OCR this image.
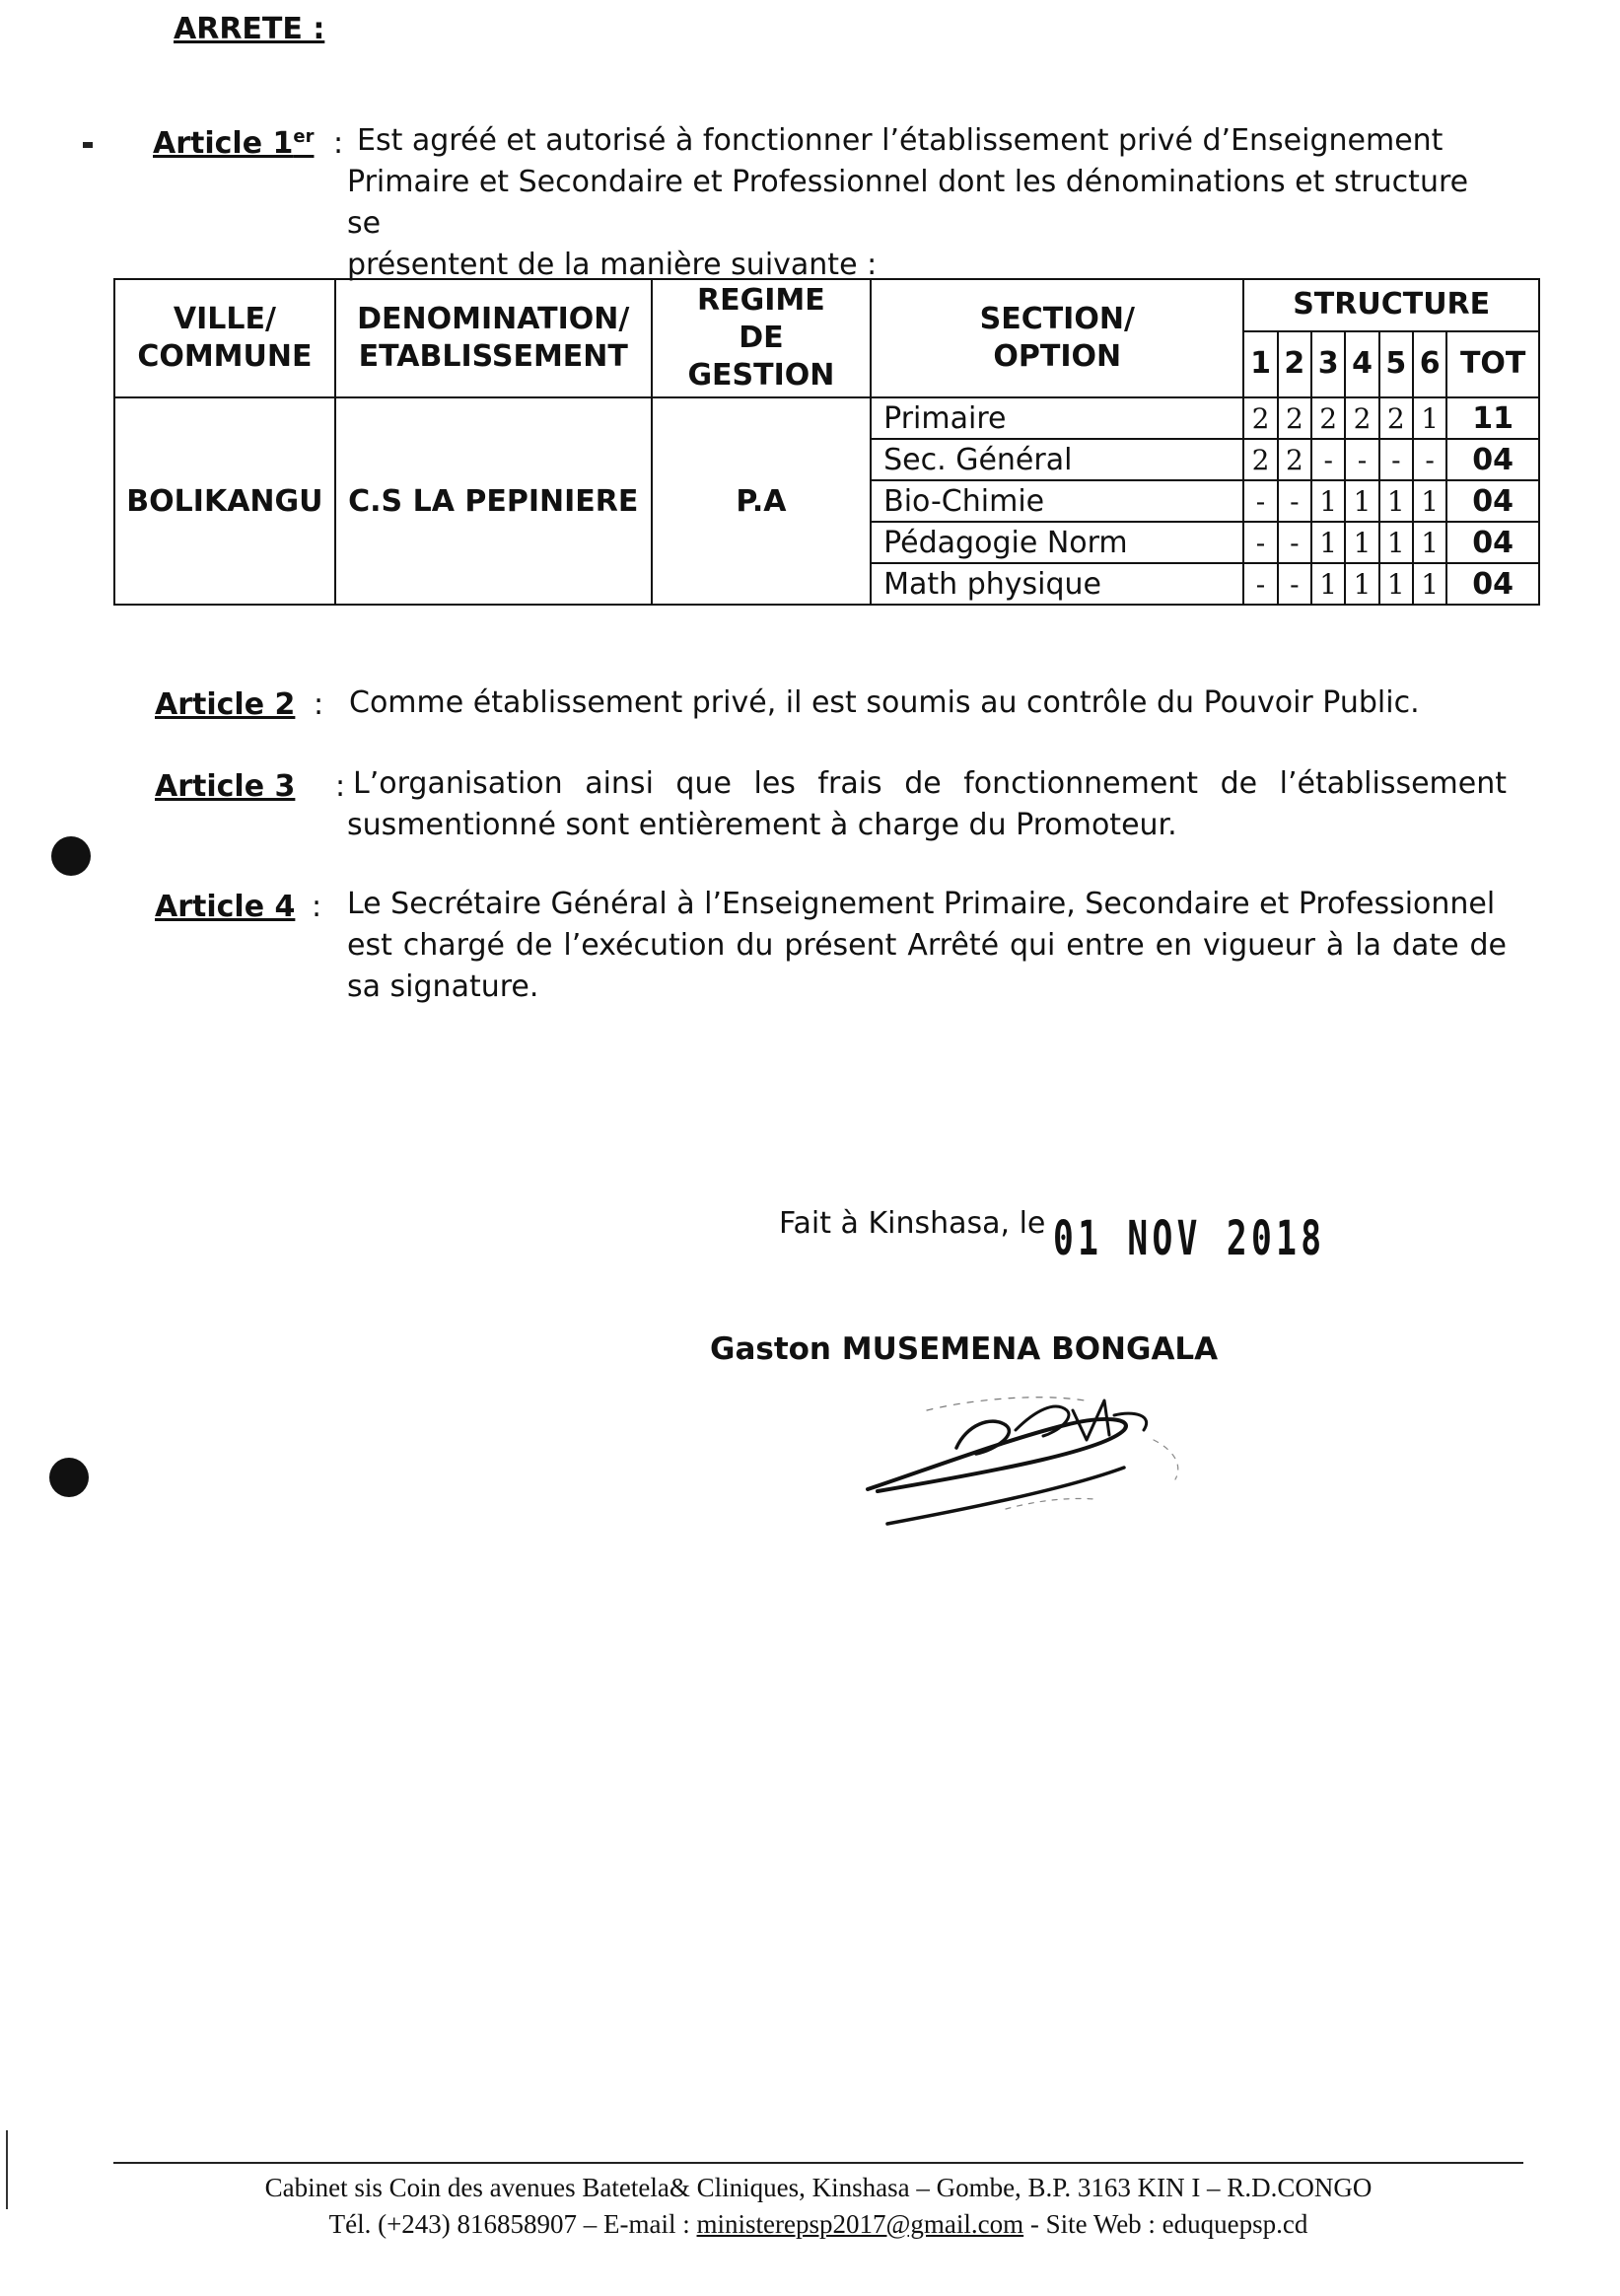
ARRETE :
Article 1er : Est agréé et autorisé à fonctionner l’établissement privé d’Enseignement
Primaire et Secondaire et Professionnel dont les dénominations et structure se
présentent de la manière suivante :
VILLE/ COMMUNE	DENOMINATION/ ETABLISSEMENT	REGIME DE GESTION	SECTION/ OPTION	STRUCTURE						
				1	2	3	4	5	6	TOT
BOLIKANGU	C.S LA PEPINIERE	P.A	Primaire	2	2	2	2	2	1	11
			Sec. Général	2	2	-	-	-	-	04
			Bio-Chimie	-	-	1	1	1	1	04
			Pédagogie Norm	-	-	1	1	1	1	04
			Math physique	-	-	1	1	1	1	04
Article 2 : Comme établissement privé, il est soumis au contrôle du Pouvoir Public.
Article 3 : L’organisation ainsi que les frais de fonctionnement de l’établissement
susmentionné sont entièrement à charge du Promoteur.
Article 4 : Le Secrétaire Général à l’Enseignement Primaire, Secondaire et Professionnel
est chargé de l’exécution du présent Arrêté qui entre en vigueur à la date de
sa signature.
Fait à Kinshasa, le 01 NOV 2018
Gaston MUSEMENA BONGALA
Cabinet sis Coin des avenues Batetela& Cliniques, Kinshasa – Gombe, B.P. 3163 KIN I – R.D.CONGO
Tél. (+243) 816858907 – E-mail : ministerepsp2017@gmail.com - Site Web : eduquepsp.cd
